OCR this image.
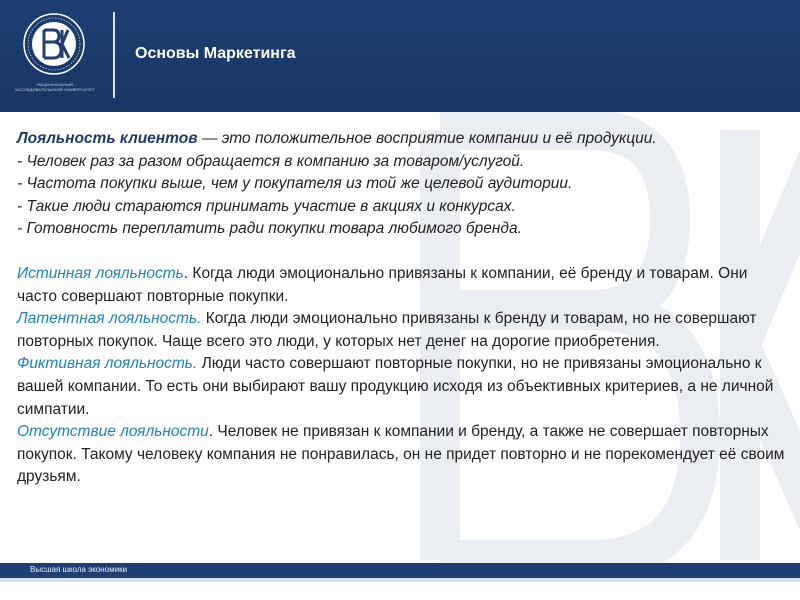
НАЦИОНАЛЬНЫЙ ИССЛЕДОВАТЕЛЬСКИЙ УНИВЕРСИТЕТ
Основы Маркетинга

Лояльность клиентов — это положительное восприятие компании и её продукции.

- Человек раз за разом обращается в компанию за товаром/услугой.

- Частота покупки выше, чем у покупателя из той же целевой аудитории.

- Такие люди стараются принимать участие в акциях и конкурсах.

- Готовность переплатить ради покупки товара любимого бренда.

Истинная лояльность. Когда люди эмоционально привязаны к компании, её бренду и товарам. Они часто совершают повторные покупки.

Латентная лояльность. Когда люди эмоционально привязаны к бренду и товарам, но не совершают повторных покупок. Чаще всего это люди, у которых нет денег на дорогие приобретения.

Фиктивная лояльность. Люди часто совершают повторные покупки, но не привязаны эмоционально к вашей компании. То есть они выбирают вашу продукцию исходя из объективных критериев, а не личной симпатии.

Отсутствие лояльности. Человек не привязан к компании и бренду, а также не совершает повторных покупок. Такому человеку компания не понравилась, он не придет повторно и не порекомендует её своим друзьям.

Высшая школа экономики
